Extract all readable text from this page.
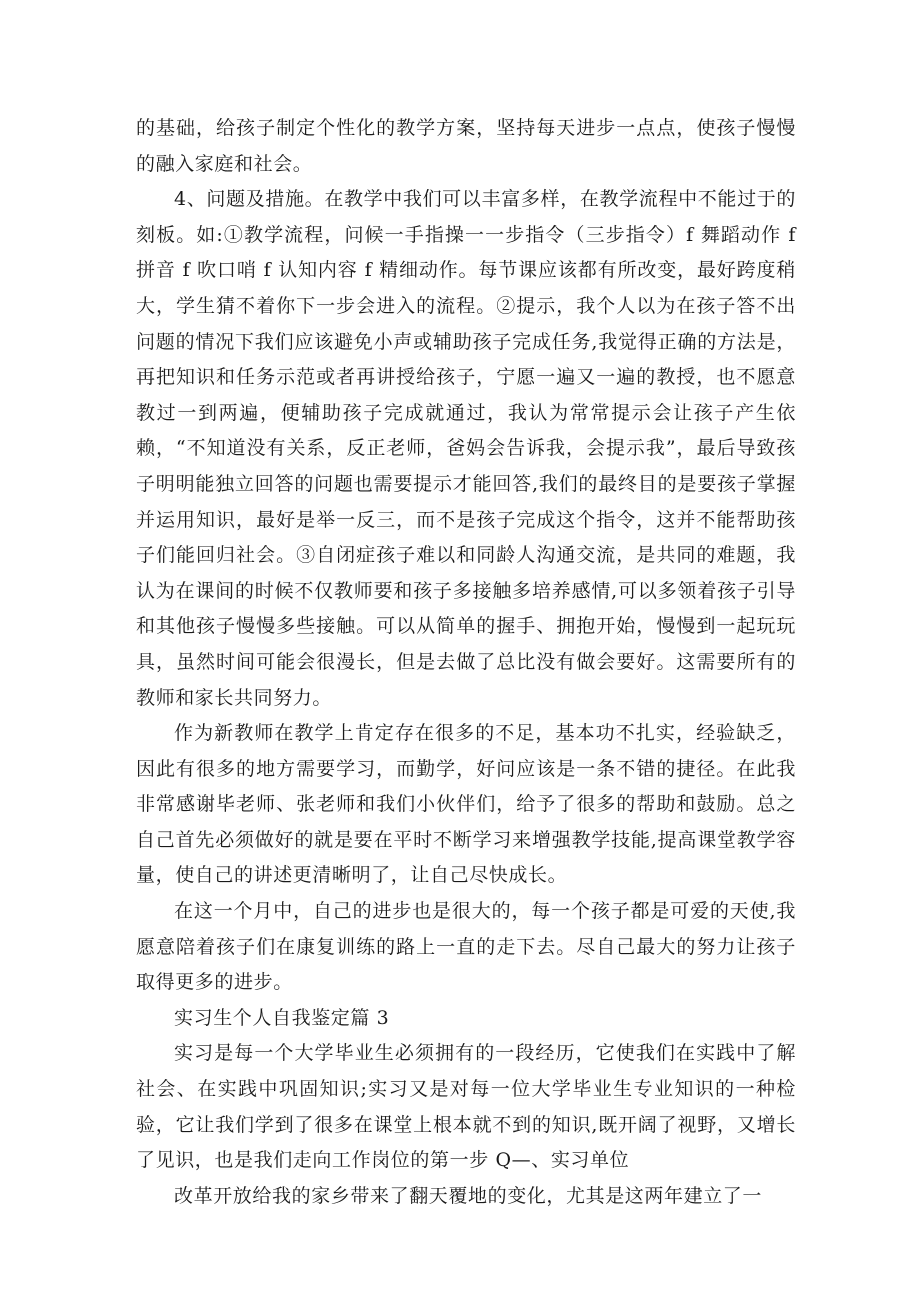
的基础，给孩子制定个性化的教学方案，坚持每天进步一点点，使孩子慢慢的融入家庭和社会。

4、问题及措施。在教学中我们可以丰富多样，在教学流程中不能过于的刻板。如:①教学流程，问候一手指操一一步指令（三步指令）f 舞蹈动作 f 拼音 f 吹口哨 f 认知内容 f 精细动作。每节课应该都有所改变，最好跨度稍大，学生猜不着你下一步会进入的流程。②提示，我个人以为在孩子答不出问题的情况下我们应该避免小声或辅助孩子完成任务,我觉得正确的方法是，再把知识和任务示范或者再讲授给孩子，宁愿一遍又一遍的教授，也不愿意教过一到两遍，便辅助孩子完成就通过，我认为常常提示会让孩子产生依赖，“不知道没有关系，反正老师，爸妈会告诉我，会提示我”，最后导致孩子明明能独立回答的问题也需要提示才能回答,我们的最终目的是要孩子掌握并运用知识，最好是举一反三，而不是孩子完成这个指令，这并不能帮助孩子们能回归社会。③自闭症孩子难以和同龄人沟通交流，是共同的难题，我认为在课间的时候不仅教师要和孩子多接触多培养感情,可以多领着孩子引导和其他孩子慢慢多些接触。可以从简单的握手、拥抱开始，慢慢到一起玩玩具，虽然时间可能会很漫长，但是去做了总比没有做会要好。这需要所有的教师和家长共同努力。

作为新教师在教学上肯定存在很多的不足，基本功不扎实，经验缺乏，因此有很多的地方需要学习，而勤学，好问应该是一条不错的捷径。在此我非常感谢毕老师、张老师和我们小伙伴们，给予了很多的帮助和鼓励。总之自己首先必须做好的就是要在平时不断学习来增强教学技能,提高课堂教学容量，使自己的讲述更清晰明了，让自己尽快成长。

在这一个月中，自己的进步也是很大的，每一个孩子都是可爱的天使,我愿意陪着孩子们在康复训练的路上一直的走下去。尽自己最大的努力让孩子取得更多的进步。

实习生个人自我鉴定篇 3

实习是每一个大学毕业生必须拥有的一段经历，它使我们在实践中了解社会、在实践中巩固知识;实习又是对每一位大学毕业生专业知识的一种检验，它让我们学到了很多在课堂上根本就不到的知识,既开阔了视野，又增长了见识，也是我们走向工作岗位的第一步 Q—、实习单位

改革开放给我的家乡带来了翻天覆地的变化，尤其是这两年建立了一
